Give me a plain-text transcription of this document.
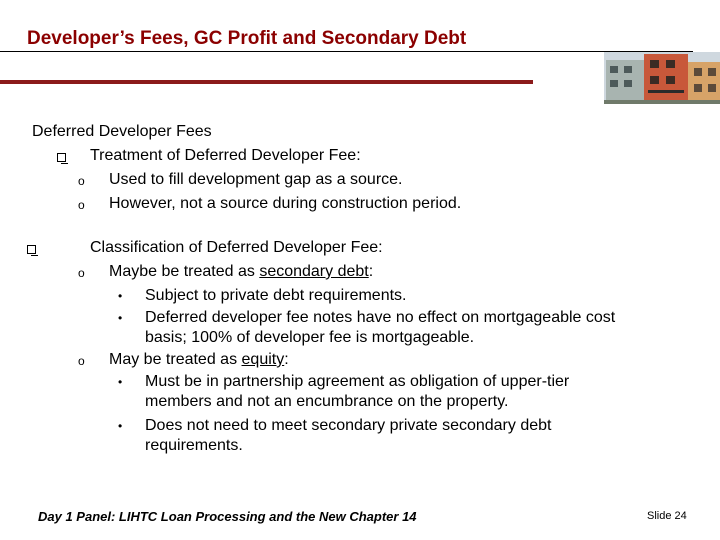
Developer’s Fees, GC Profit and Secondary Debt
Deferred Developer Fees
Treatment of Deferred Developer Fee:
o Used to fill development gap as a source.
o However, not a source during construction period.
Classification of Deferred Developer Fee:
o Maybe be treated as secondary debt:
• Subject to private debt requirements.
• Deferred developer fee notes have no effect on mortgageable cost
basis; 100% of developer fee is mortgageable.
o May be treated as equity:
• Must be in partnership agreement as obligation of upper-tier
members and not an encumbrance on the property.
• Does not need to meet secondary private secondary debt
requirements.
Day 1 Panel: LIHTC Loan Processing and the New Chapter 14	Slide 24
